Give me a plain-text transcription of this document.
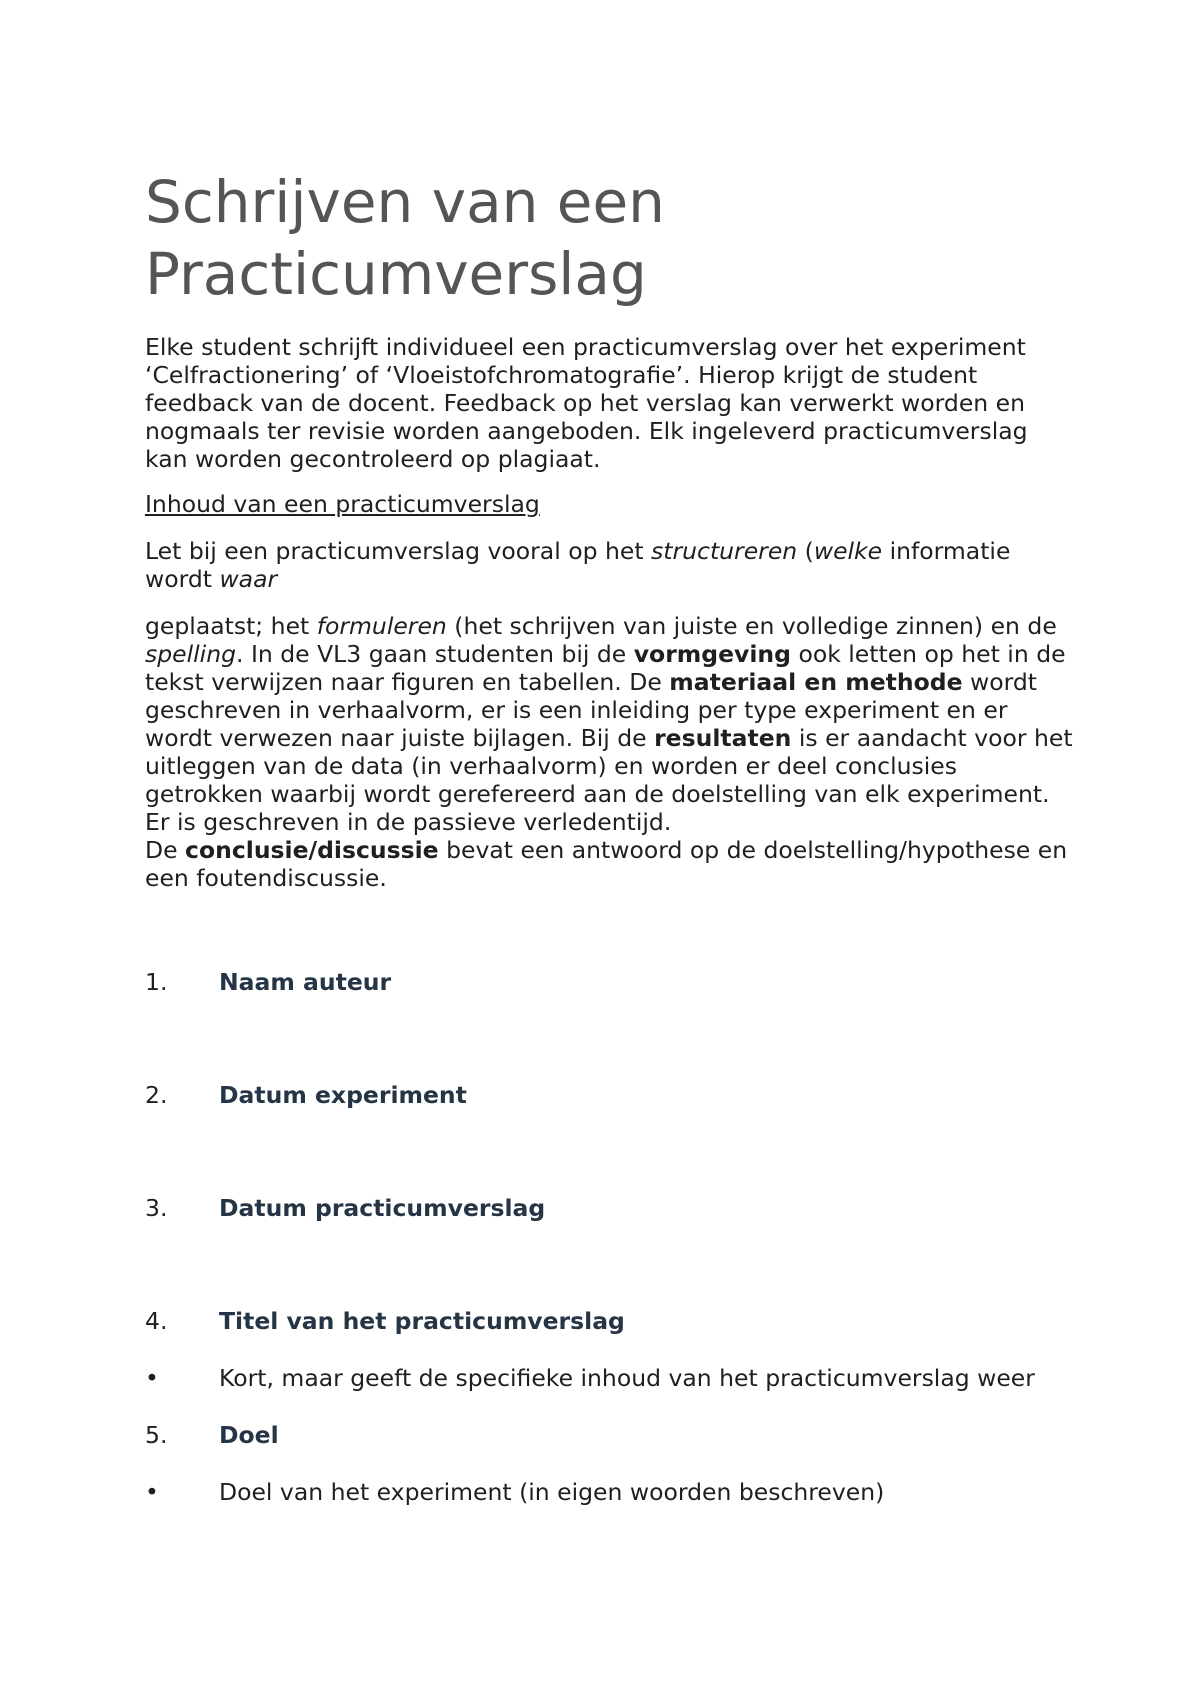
Schrijven van een
Practicumverslag

Elke student schrijft individueel een practicumverslag over het experiment ‘Celfractionering’ of ‘Vloeistofchromatografie’. Hierop krijgt de student feedback van de docent. Feedback op het verslag kan verwerkt worden en nogmaals ter revisie worden aangeboden. Elk ingeleverd practicumverslag kan worden gecontroleerd op plagiaat.

Inhoud van een practicumverslag

Let bij een practicumverslag vooral op het structureren (welke informatie wordt waar

geplaatst; het formuleren (het schrijven van juiste en volledige zinnen) en de spelling. In de VL3 gaan studenten bij de vormgeving ook letten op het in de tekst verwijzen naar figuren en tabellen. De materiaal en methode wordt geschreven in verhaalvorm, er is een inleiding per type experiment en er wordt verwezen naar juiste bijlagen. Bij de resultaten is er aandacht voor het uitleggen van de data (in verhaalvorm) en worden er deel conclusies getrokken waarbij wordt gerefereerd aan de doelstelling van elk experiment. Er is geschreven in de passieve verledentijd.
De conclusie/discussie bevat een antwoord op de doelstelling/hypothese en een foutendiscussie.

1.	Naam auteur
2.	Datum experiment
3.	Datum practicumverslag
4.	Titel van het practicumverslag
•	Kort, maar geeft de specifieke inhoud van het practicumverslag weer
5.	Doel
•	Doel van het experiment (in eigen woorden beschreven)
